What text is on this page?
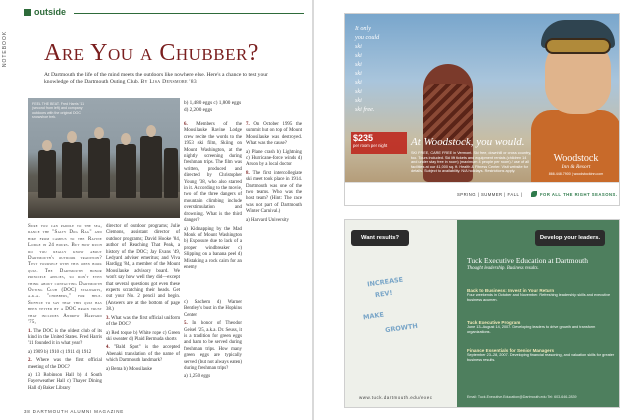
NOTEBOOK
outside
Are You a Chubber?
At Dartmouth the life of the mind meets the outdoors like nowhere else. Here's a chance to test your knowledge of the Dartmouth Outing Club. By Lisa Densmore '83
FEEL THE BEAT. Fred Harris '11 (second from left) and company outdoors with the original DOC snowshoe trek.
b) 1,480 eggs c) 1,800 eggs d) 2,200 eggs

6. Members of the Moosilauke Ravine Lodge crew recite the words to the 1953 ski film, Skiing on Mount Washington, at the nightly screening during freshman trips. The film was written, produced and directed by Christopher Young '38, who also starred in it. According to the movie, two of the three dangers of mountain climbing include overstimulation and drowning. What is the third danger?

a) Kidnapping by the Mad Monk of Mount Washington b) Exposure due to lack of a proper windbreaker c) Slipping on a banana peel d) Mistaking a rock cairn for an enemy

7. On October 1995 the summit hut on top of Mount Moosilauke was destroyed. What was the cause?

a) Plane crash b) Lightning c) Hurricane-force winds d) Arson by a local doctor

8. The first intercollegiate ski meet took place in 1914. Dartmouth was one of the two teams. Who was the host team? (Hint: The race was not part of Dartmouth Winter Carnival.)

a) Harvard University

Sure you can paddle to the sea, dance the "Salty Dog Rag" and hike from campus to the Ravine Lodge in 24 hours. But how much do you really know about Dartmouth's outdoor tradition? Test yourself with this open book quiz. The Dartmouth honor principle applies, so don't even think about contacting Dartmouth Outing Club (DOC) stalwarts, a.k.a. "chubbers," for help. Suffice to say that this quiz has been vetted by a DOC brain trust that includes Andrew Harvard '75,

1. The DOC is the oldest club of its kind in the United States. Fred Harris '11 founded it in what year?

a) 1909 b) 1910 c) 1911 d) 1912

2. Where was the first official meeting of the DOC?

a) 13 Robinson Hall b) 4 South Fayerweather Hall c) Thayer Dining Hall d) Baker Library

director of outdoor programs; Julie Clemons, assistant director of outdoor programs; David Hooke '84, author of Reaching That Peak, a history of the DOC; Jay Evans '49, Ledyard adviser emeritus; and Viva Hardigg '84, a member of the Mount Moosilauke advisory board. We won't say how well they did—except that several questions got even these experts scratching their heads. Get out your No. 2 pencil and begin. (Answers are at the bottom of page 38.)

3. What was the first official uniform of the DOC?

a) Red toque b) White rope c) Green ski sweater d) Plaid Bermuda shorts

4. "Bald Spot" is the accepted Abenaki translation of the name of which Dartmouth landmark?

a) Bema b) Moosilauke

c) Sachem d) Warner Bentley's bust in the Hopkins Center

5. In honor of Theodor Geisel '25, a.k.a. Dr. Seuss, it is a tradition for green eggs and ham to be served during freshman trips. How many green eggs are typically served (but not always eaten) during freshman trips?

a) 1,250 eggs

38 DARTMOUTH ALUMNI MAGAZINE
It only
you could
ski
ski
ski
ski
ski
ski
ski
ski free.
$235
per room per night	At Woodstock, you would.
SKI FREE, CARE FREE in Vermont. Ski free, downhill or cross country, too. Tours included. Ski lift tickets and equipment rentals (children 14 and under stay free in room) (maximum 4 people per room) / use of all facilities at our 41,000 sq. ft. Health & Fitness Center. Visit website for details. Subject to availability. N/A holidays. Restrictions apply.
Woodstock
Inn & Resort
866.448.7900 | woodstockinn.com
SPRING | SUMMER | FALL |	FOR ALL THE RIGHT SEASONS.
INCREASE
REV!
MAKE
GROWTH
www.tuck.dartmouth.edu/exec
Tuck Executive Education at Dartmouth
Thought leadership. Business results.
Back to Business: Invest in Your Return
Four weekends in October and November. Refreshing leadership skills and executive business acumen.
Tuck Executive Program
June 13–August 14, 2007. Developing leaders to drive growth and transform organizations.
Finance Essentials for Senior Managers
September 23–28, 2007. Developing financial reasoning, and valuation skills for greater business results.
Email: Tuck.Executive.Education@Dartmouth.edu Tel: 603-646-2839
Want results?	Develop your leaders.
